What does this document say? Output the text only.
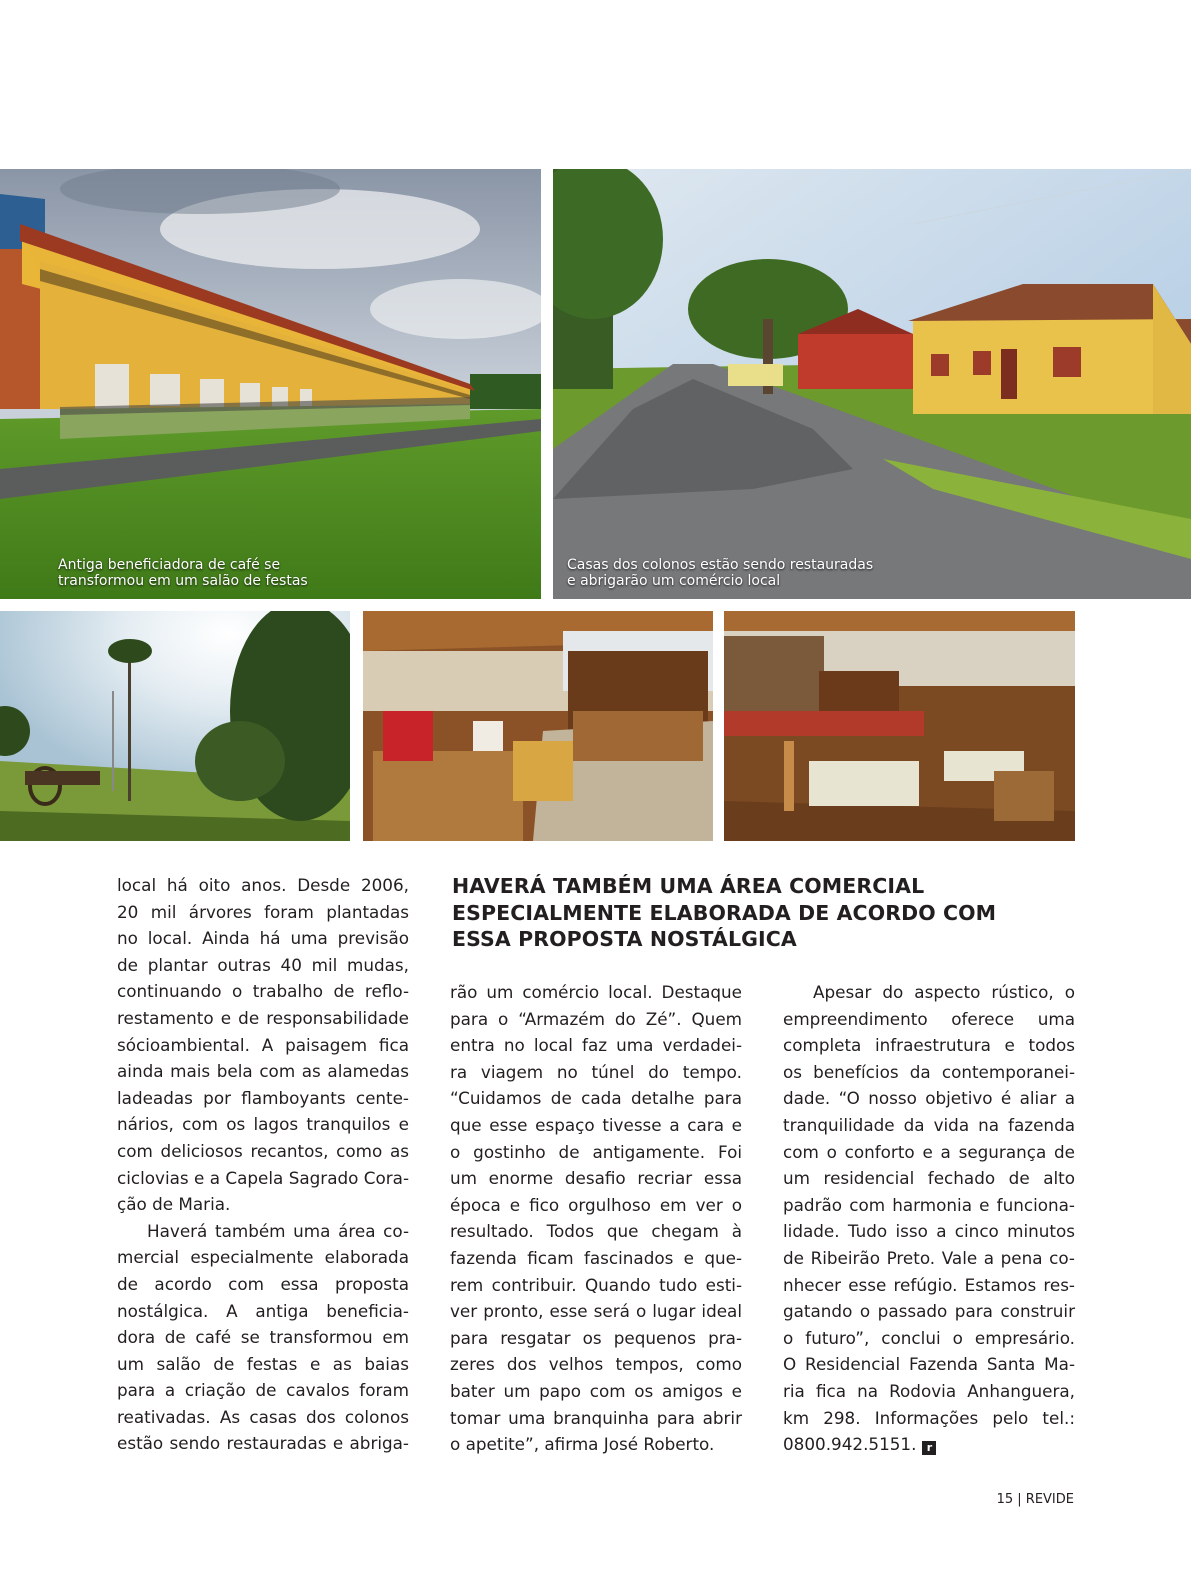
Antiga beneficiadora de café se
transformou em um salão de festas
Casas dos colonos estão sendo restauradas
e abrigarão um comércio local
local há oito anos. Desde 2006,
20 mil árvores foram plantadas
no local. Ainda há uma previsão
de plantar outras 40 mil mudas,
continuando o trabalho de reflo-
restamento e de responsabilidade
sócioambiental. A paisagem fica
ainda mais bela com as alamedas
ladeadas por flamboyants cente-
nários, com os lagos tranquilos e
com deliciosos recantos, como as
ciclovias e a Capela Sagrado Cora-
ção de Maria.
Haverá também uma área co-
mercial especialmente elaborada
de acordo com essa proposta
nostálgica. A antiga beneficia-
dora de café se transformou em
um salão de festas e as baias
para a criação de cavalos foram
reativadas. As casas dos colonos
estão sendo restauradas e abriga-
HAVERÁ TAMBÉM UMA ÁREA COMERCIAL
ESPECIALMENTE ELABORADA DE ACORDO COM
ESSA PROPOSTA NOSTÁLGICA
rão um comércio local. Destaque
para o “Armazém do Zé”. Quem
entra no local faz uma verdadei-
ra viagem no túnel do tempo.
“Cuidamos de cada detalhe para
que esse espaço tivesse a cara e
o gostinho de antigamente. Foi
um enorme desafio recriar essa
época e fico orgulhoso em ver o
resultado. Todos que chegam à
fazenda ficam fascinados e que-
rem contribuir. Quando tudo esti-
ver pronto, esse será o lugar ideal
para resgatar os pequenos pra-
zeres dos velhos tempos, como
bater um papo com os amigos e
tomar uma branquinha para abrir
o apetite”, afirma José Roberto.
Apesar do aspecto rústico, o
empreendimento oferece uma
completa infraestrutura e todos
os benefícios da contemporanei-
dade. “O nosso objetivo é aliar a
tranquilidade da vida na fazenda
com o conforto e a segurança de
um residencial fechado de alto
padrão com harmonia e funciona-
lidade. Tudo isso a cinco minutos
de Ribeirão Preto. Vale a pena co-
nhecer esse refúgio. Estamos res-
gatando o passado para construir
o futuro”, conclui o empresário.
O Residencial Fazenda Santa Ma-
ria fica na Rodovia Anhanguera,
km 298. Informações pelo tel.:
0800.942.5151. r
15 | REVIDE
